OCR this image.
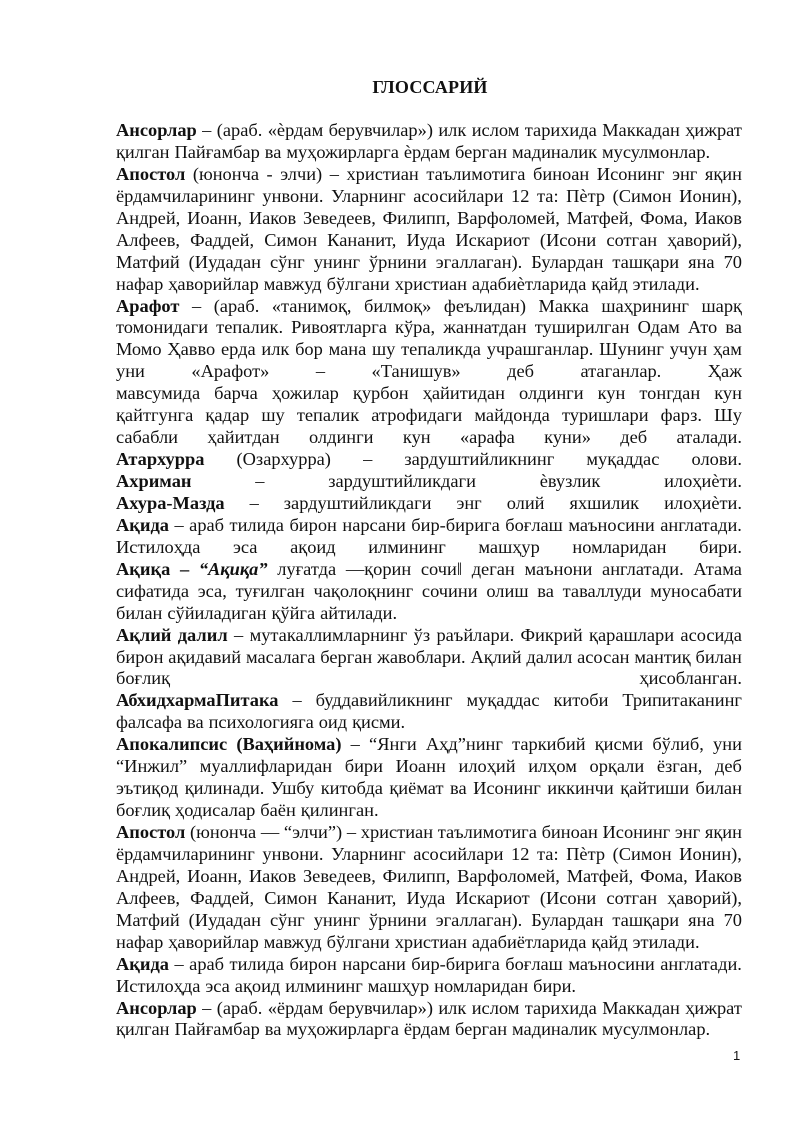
ГЛОССАРИЙ
Ансорлар – (араб. «ѐрдам берувчилар») илк ислом тарихида Маккадан ҳижрат
қилган Пайғамбар ва муҳожирларга ѐрдам берган мадиналик мусулмонлар.
Апостол (юнонча - элчи) – христиан таълимотига биноан Исонинг энг яқин
ёрдамчиларининг унвони. Уларнинг асосийлари 12 та: Пѐтр (Симон Ионин),
Андрей, Иоанн, Иаков Зеведеев, Филипп, Варфоломей, Матфей, Фома, Иаков
Алфеев, Фаддей, Симон Кананит, Иуда Искариот (Исони сотган ҳаворий),
Матфий (Иудадан сўнг унинг ўрнини эгаллаган). Булардан ташқари яна 70
нафар ҳаворийлар мавжуд бўлгани христиан адабиѐтларида қайд этилади.
Арафот – (араб. «танимоқ, билмоқ» феълидан) Макка шаҳрининг шарқ
томонидаги тепалик. Ривоятларга кўра, жаннатдан туширилган Одам Ато ва
Момо Ҳавво ерда илк бор мана шу тепаликда учрашганлар. Шунинг учун ҳам
уни	«Арафот»	–	«Танишув»	деб	атаганлар.	Ҳаж
мавсумида барча ҳожилар қурбон ҳайитидан олдинги кун тонгдан кун
қайтгунга қадар шу тепалик атрофидаги майдонда туришлари фарз. Шу
сабабли ҳайитдан олдинги кун «арафа куни» деб аталади.
Атархурра (Озархурра) – зардуштийликнинг муқаддас олови.
Ахриман	–	зардуштийликдаги	ѐвузлик	илоҳиѐти.
Ахура-Мазда – зардуштийликдаги энг олий яхшилик илоҳиѐти.
Ақида – араб тилида бирон нарсани бир-бирига боғлаш маъносини англатади.
Истилоҳда эса ақоид илмининг машҳур номларидан бири.
Ақиқа – “Ақиқа” луғатда ―қорин сочи‖ деган маънони англатади. Атама
сифатида эса, туғилган чақолоқнинг сочини олиш ва таваллуди муносабати
билан сўйиладиган қўйга айтилади.
Ақлий далил – мутакаллимларнинг ўз раъйлари. Фикрий қарашлари асосида
бирон ақидавий масалага берган жавоблари. Ақлий далил асосан мантиқ билан
боғлиқ	ҳисобланган.
АбхидхармаПитака – буддавийликнинг муқаддас китоби Трипитаканинг
фалсафа ва психологияга оид қисми.
Апокалипсис (Ваҳийнома) – “Янги Аҳд”нинг таркибий қисми бўлиб, уни
“Инжил” муаллифларидан бири Иоанн илоҳий илҳом орқали ёзган, деб
эътиқод қилинади. Ушбу китобда қиёмат ва Исонинг иккинчи қайтиши билан
боғлиқ ҳодисалар баён қилинган.
Апостол (юнонча — “элчи”) – христиан таълимотига биноан Исонинг энг яқин
ёрдамчиларининг унвони. Уларнинг асосийлари 12 та: Пѐтр (Симон Ионин),
Андрей, Иоанн, Иаков Зеведеев, Филипп, Варфоломей, Матфей, Фома, Иаков
Алфеев, Фаддей, Симон Кананит, Иуда Искариот (Исони сотган ҳаворий),
Матфий (Иудадан сўнг унинг ўрнини эгаллаган). Булардан ташқари яна 70
нафар ҳаворийлар мавжуд бўлгани христиан адабиётларида қайд этилади.
Ақида – араб тилида бирон нарсани бир-бирига боғлаш маъносини англатади.
Истилоҳда эса ақоид илмининг машҳур номларидан бири.
Ансорлар – (араб. «ёрдам берувчилар») илк ислом тарихида Маккадан ҳижрат
қилган Пайғамбар ва муҳожирларга ёрдам берган мадиналик мусулмонлар.
1
